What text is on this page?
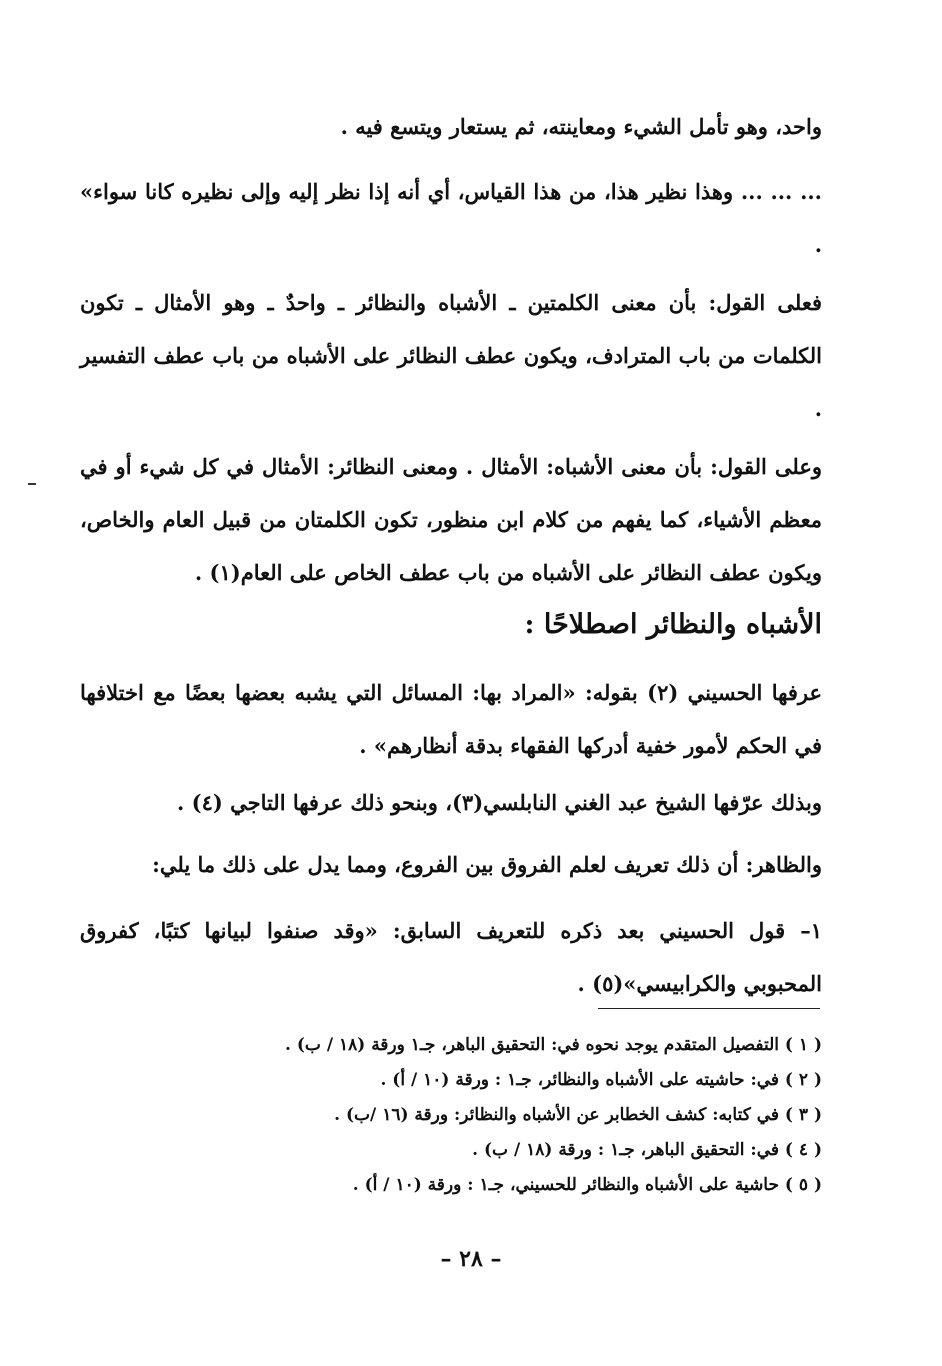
واحد، وهو تأمل الشيء ومعاينته، ثم يستعار ويتسع فيه .

... ... ... وهذا نظير هذا، من هذا القياس، أي أنه إذا نظر إليه وإلى نظيره كانا سواء» .

فعلى القول: بأن معنى الكلمتين ـ الأشباه والنظائر ـ واحدٌ ـ وهو الأمثال ـ تكون الكلمات من باب المترادف، ويكون عطف النظائر على الأشباه من باب عطف التفسير .

وعلى القول: بأن معنى الأشباه: الأمثال . ومعنى النظائر: الأمثال في كل شيء أو في معظم الأشياء، كما يفهم من كلام ابن منظور، تكون الكلمتان من قبيل العام والخاص، ويكون عطف النظائر على الأشباه من باب عطف الخاص على العام(١) .

الأشباه والنظائر اصطلاحًا :

عرفها الحسيني (٢) بقوله: «المراد بها: المسائل التي يشبه بعضها بعضًا مع اختلافها في الحكم لأمور خفية أدركها الفقهاء بدقة أنظارهم» .

وبذلك عرّفها الشيخ عبد الغني النابلسي(٣)، وبنحو ذلك عرفها التاجي (٤) .

والظاهر: أن ذلك تعريف لعلم الفروق بين الفروع، ومما يدل على ذلك ما يلي:

١– قول الحسيني بعد ذكره للتعريف السابق: «وقد صنفوا لبيانها كتبًا، كفروق المحبوبي والكرابيسي»(٥) .

( ١ ) التفصيل المتقدم يوجد نحوه في: التحقيق الباهر، جـ١ ورقة (١٨ / ب) .
( ٢ ) في: حاشيته على الأشباه والنظائر، جـ١ : ورقة (١٠ / أ) .
( ٣ ) في كتابه: كشف الخطابر عن الأشباه والنظائر: ورقة (١٦ /ب) .
( ٤ ) في: التحقيق الباهر، جـ١ : ورقة (١٨ / ب) .
( ٥ ) حاشية على الأشباه والنظائر للحسيني، جـ١ : ورقة (١٠ / أ) .
– ٢٨ –
